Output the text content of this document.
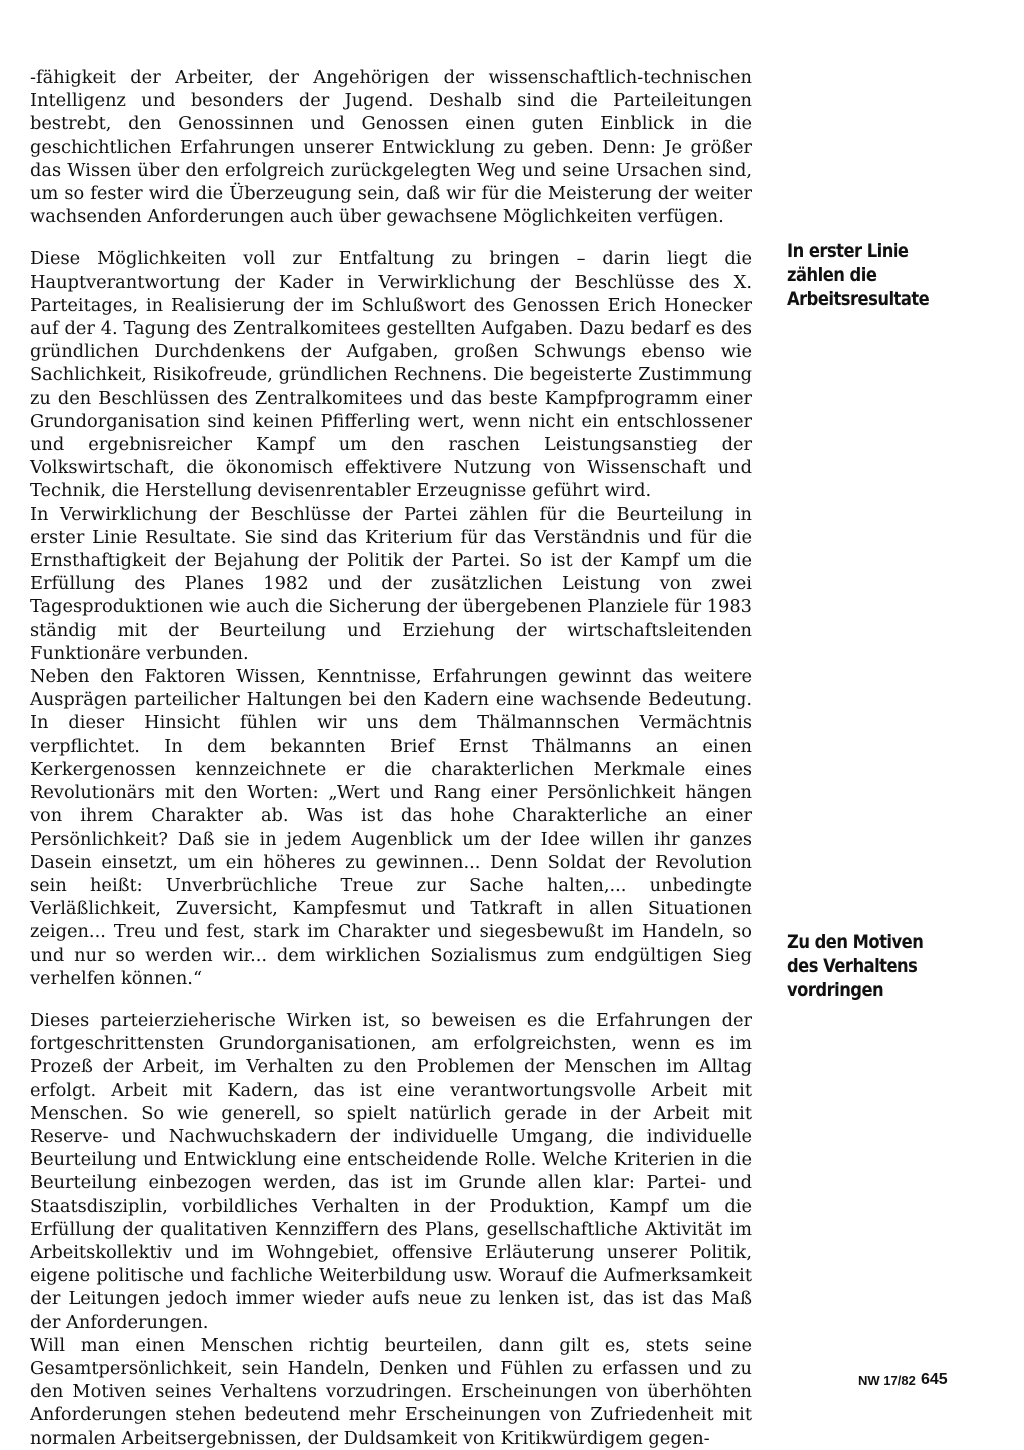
-fähigkeit der Arbeiter, der Angehörigen der wissenschaftlich-technischen Intelligenz und besonders der Jugend. Deshalb sind die Parteileitungen bestrebt, den Genossinnen und Genossen einen guten Einblick in die geschichtlichen Erfahrungen unserer Entwicklung zu geben. Denn: Je größer das Wissen über den erfolgreich zurückgelegten Weg und seine Ursachen sind, um so fester wird die Überzeugung sein, daß wir für die Meisterung der weiter wachsenden Anforderungen auch über gewachsene Möglichkeiten verfügen.

Diese Möglichkeiten voll zur Entfaltung zu bringen – darin liegt die Hauptverantwortung der Kader in Verwirklichung der Beschlüsse des X. Parteitages, in Realisierung der im Schlußwort des Genossen Erich Honecker auf der 4. Tagung des Zentralkomitees gestellten Aufgaben. Dazu bedarf es des gründlichen Durchdenkens der Aufgaben, großen Schwungs ebenso wie Sachlichkeit, Risikofreude, gründlichen Rechnens. Die begeisterte Zustimmung zu den Beschlüssen des Zentralkomitees und das beste Kampfprogramm einer Grundorganisation sind keinen Pfifferling wert, wenn nicht ein entschlossener und ergebnisreicher Kampf um den raschen Leistungsanstieg der Volkswirtschaft, die ökonomisch effektivere Nutzung von Wissenschaft und Technik, die Herstellung devisenrentabler Erzeugnisse geführt wird.

In Verwirklichung der Beschlüsse der Partei zählen für die Beurteilung in erster Linie Resultate. Sie sind das Kriterium für das Verständnis und für die Ernsthaftigkeit der Bejahung der Politik der Partei. So ist der Kampf um die Erfüllung des Planes 1982 und der zusätzlichen Leistung von zwei Tagesproduktionen wie auch die Sicherung der übergebenen Planziele für 1983 ständig mit der Beurteilung und Erziehung der wirtschaftsleitenden Funktionäre verbunden.

Neben den Faktoren Wissen, Kenntnisse, Erfahrungen gewinnt das weitere Ausprägen parteilicher Haltungen bei den Kadern eine wachsende Bedeutung. In dieser Hinsicht fühlen wir uns dem Thälmannschen Vermächtnis verpflichtet. In dem bekannten Brief Ernst Thälmanns an einen Kerkergenossen kennzeichnete er die charakterlichen Merkmale eines Revolutionärs mit den Worten: „Wert und Rang einer Persönlichkeit hängen von ihrem Charakter ab. Was ist das hohe Charakterliche an einer Persönlichkeit? Daß sie in jedem Augenblick um der Idee willen ihr ganzes Dasein einsetzt, um ein höheres zu gewinnen... Denn Soldat der Revolution sein heißt: Unverbrüchliche Treue zur Sache halten,... unbedingte Verläßlichkeit, Zuversicht, Kampfesmut und Tatkraft in allen Situationen zeigen... Treu und fest, stark im Charakter und siegesbewußt im Handeln, so und nur so werden wir... dem wirklichen Sozialismus zum endgültigen Sieg verhelfen können.“

Dieses parteierzieherische Wirken ist, so beweisen es die Erfahrungen der fortgeschrittensten Grundorganisationen, am erfolgreichsten, wenn es im Prozeß der Arbeit, im Verhalten zu den Problemen der Menschen im Alltag erfolgt. Arbeit mit Kadern, das ist eine verantwortungsvolle Arbeit mit Menschen. So wie generell, so spielt natürlich gerade in der Arbeit mit Reserve- und Nachwuchskadern der individuelle Umgang, die individuelle Beurteilung und Entwicklung eine entscheidende Rolle. Welche Kriterien in die Beurteilung einbezogen werden, das ist im Grunde allen klar: Partei- und Staatsdisziplin, vorbildliches Verhalten in der Produktion, Kampf um die Erfüllung der qualitativen Kennziffern des Plans, gesellschaftliche Aktivität im Arbeitskollektiv und im Wohngebiet, offensive Erläuterung unserer Politik, eigene politische und fachliche Weiterbildung usw. Worauf die Aufmerksamkeit der Leitungen jedoch immer wieder aufs neue zu lenken ist, das ist das Maß der Anforderungen.

Will man einen Menschen richtig beurteilen, dann gilt es, stets seine Gesamtpersönlichkeit, sein Handeln, Denken und Fühlen zu erfassen und zu den Motiven seines Verhaltens vorzudringen. Erscheinungen von überhöhten Anforderungen stehen bedeutend mehr Erscheinungen von Zufriedenheit mit normalen Arbeitsergebnissen, der Duldsamkeit von Kritikwürdigem gegen-

In erster Linie
zählen die
Arbeitsresultate
Zu den Motiven
des Verhaltens
vordringen
NW 17/82 645
